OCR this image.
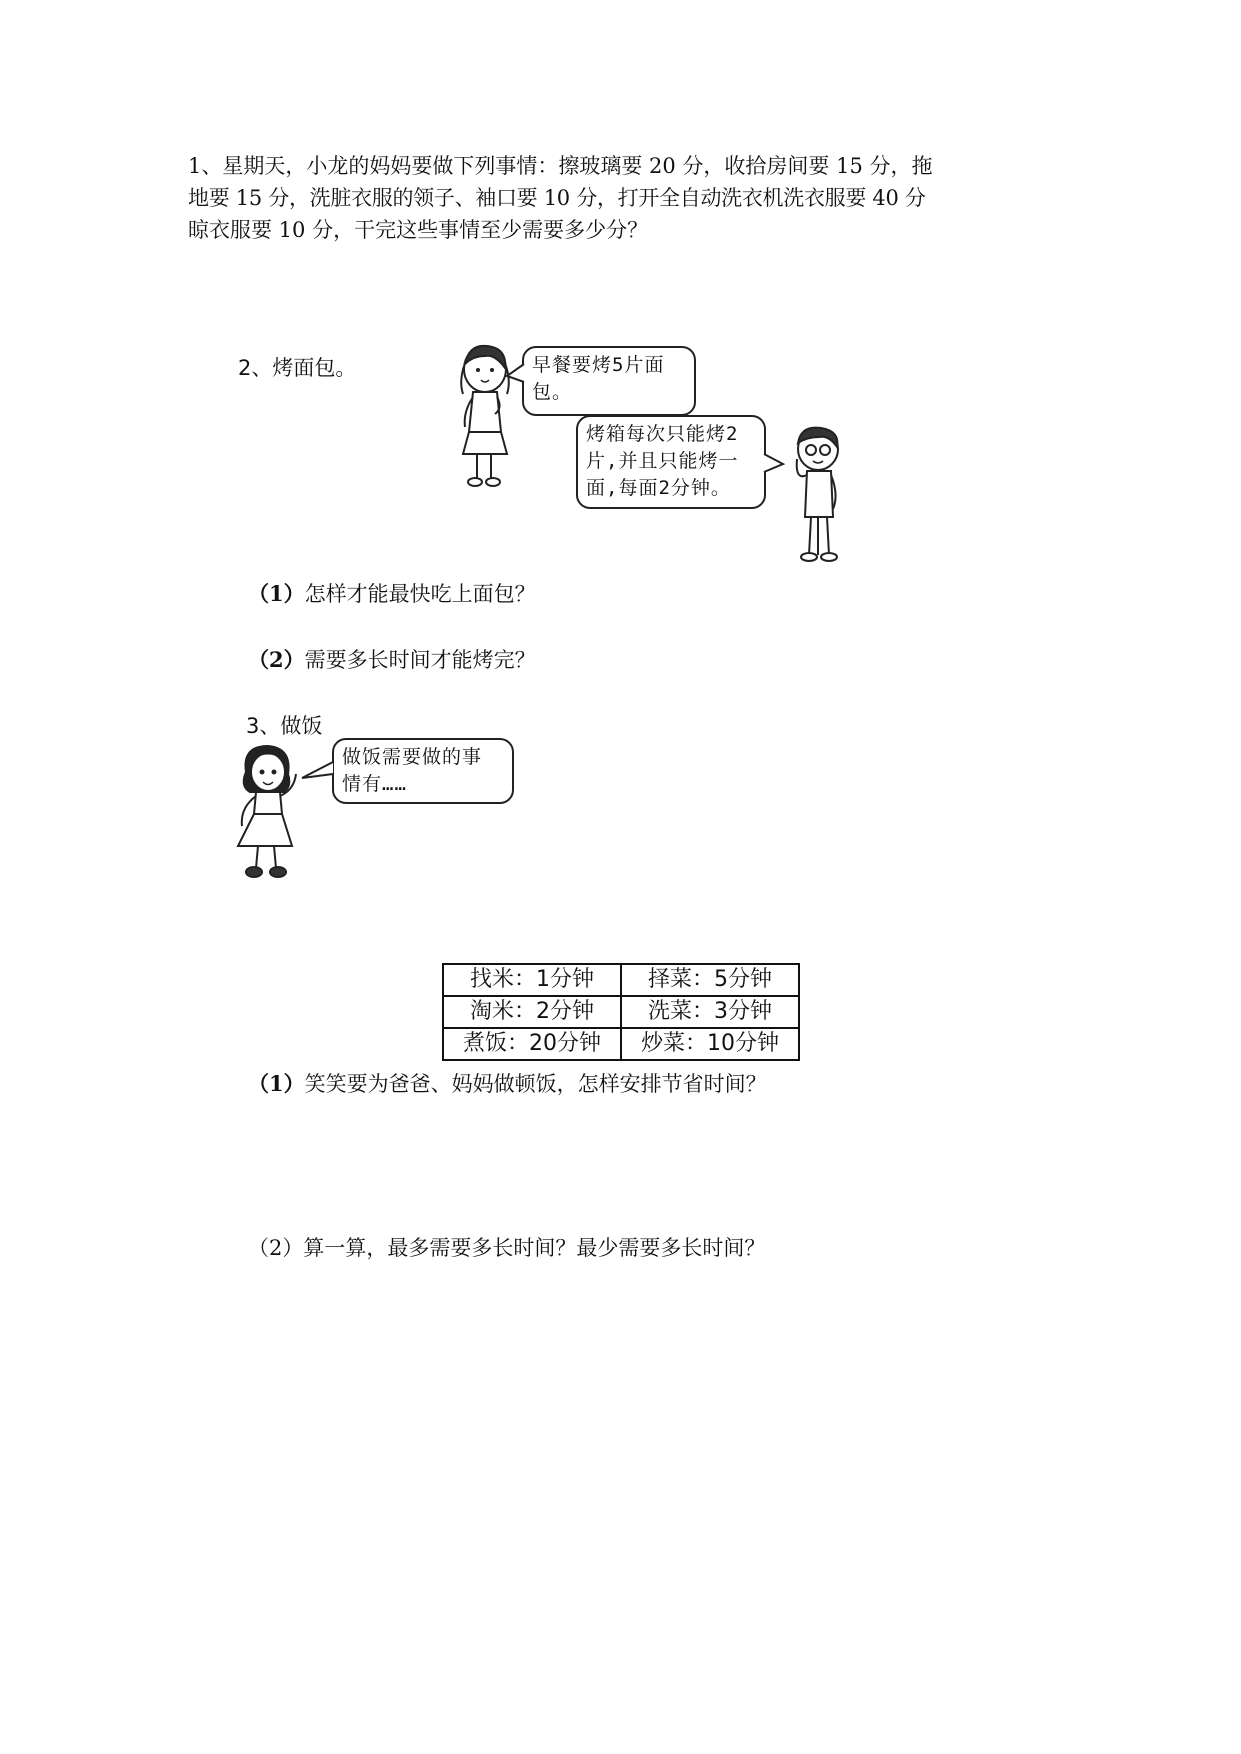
1、星期天，小龙的妈妈要做下列事情：擦玻璃要 20 分，收拾房间要 15 分，拖

地要 15 分，洗脏衣服的领子、袖口要 10 分，打开全自动洗衣机洗衣服要 40 分

晾衣服要 10 分，干完这些事情至少需要多少分？

2、烤面包。	早餐要烤5片面
包。
烤箱每次只能烤2
片,并且只能烤一
面,每面2分钟。
（1）怎样才能最快吃上面包？
（2）需要多长时间才能烤完？
3、做饭
做饭需要做的事
情有……
找米：1分钟	择菜：5分钟
淘米：2分钟	洗菜：3分钟
煮饭：20分钟	炒菜：10分钟
（1）笑笑要为爸爸、妈妈做顿饭，怎样安排节省时间？
（2）算一算，最多需要多长时间？最少需要多长时间？
